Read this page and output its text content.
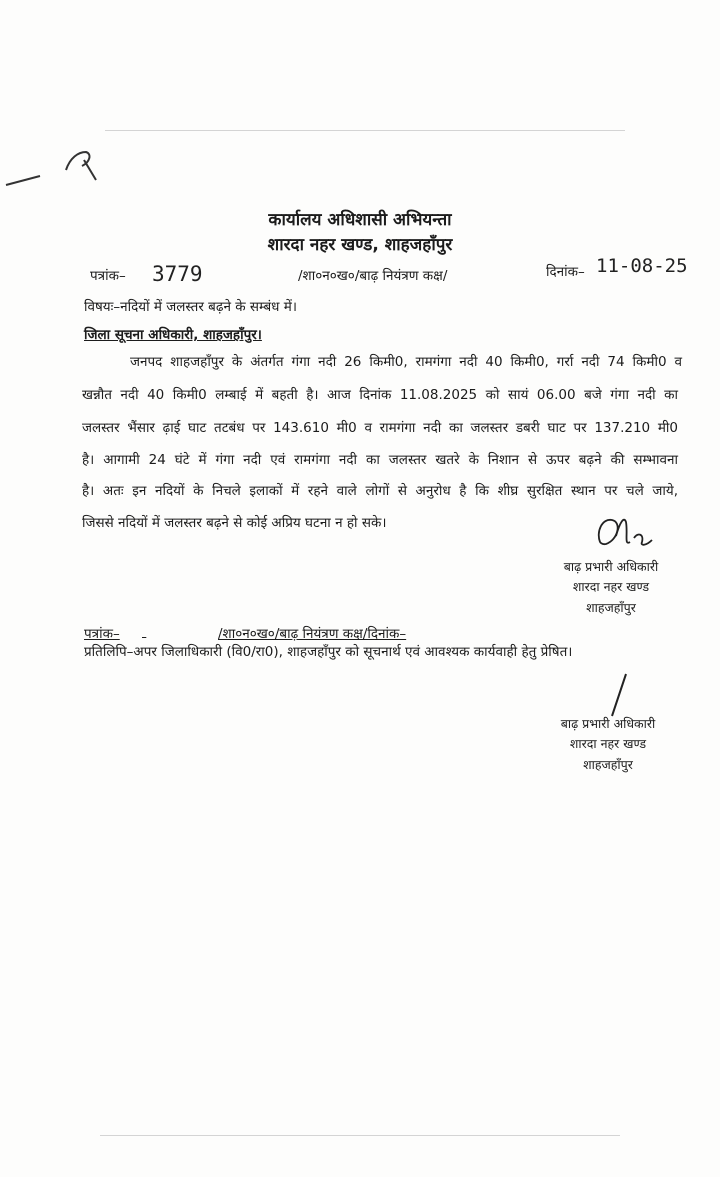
कार्यालय अधिशासी अभियन्ता
शारदा नहर खण्ड, शाहजहाँपुर
पत्रांक– 3779	/शा०न०ख०/बाढ़ नियंत्रण कक्ष/	दिनांक– 11-08-25
विषयः–नदियों में जलस्तर बढ़ने के सम्बंध में।
जिला सूचना अधिकारी, शाहजहाँपुर।
जनपद शाहजहाँपुर के अंतर्गत गंगा नदी 26 किमी0, रामगंगा नदी 40 किमी0, गर्रा नदी 74 किमी0 व
खन्नौत नदी 40 किमी0 लम्बाई में बहती है। आज दिनांक 11.08.2025 को सायं 06.00 बजे गंगा नदी का
जलस्तर भैंसार ढ़ाई घाट तटबंध पर 143.610 मी0 व रामगंगा नदी का जलस्तर डबरी घाट पर 137.210 मी0
है। आगामी 24 घंटे में गंगा नदी एवं रामगंगा नदी का जलस्तर खतरे के निशान से ऊपर बढ़ने की सम्भावना
है। अतः इन नदियों के निचले इलाकों में रहने वाले लोगों से अनुरोध है कि शीघ्र सुरक्षित स्थान पर चले जाये,
जिससे नदियों में जलस्तर बढ़ने से कोई अप्रिय घटना न हो सके।
बाढ़ प्रभारी अधिकारी
शारदा नहर खण्ड
शाहजहाँपुर
पत्रांक–
	/शा०न०ख०/बाढ़ नियंत्रण कक्ष/दिनांक–
प्रतिलिपि–अपर जिलाधिकारी (वि0/रा0), शाहजहाँपुर को सूचनार्थ एवं आवश्यक कार्यवाही हेतु प्रेषित।
बाढ़ प्रभारी अधिकारी
शारदा नहर खण्ड
शाहजहाँपुर
